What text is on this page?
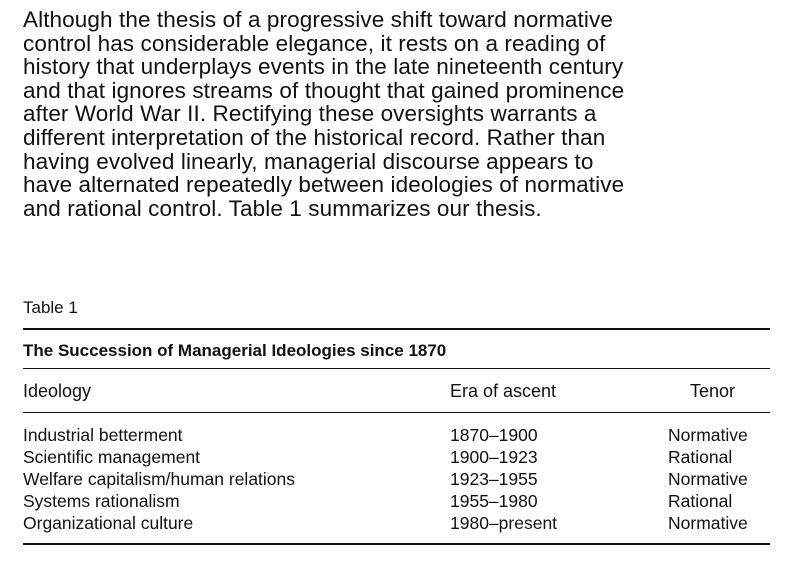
Although the thesis of a progressive shift toward normative
control has considerable elegance, it rests on a reading of
history that underplays events in the late nineteenth century
and that ignores streams of thought that gained prominence
after World War II. Rectifying these oversights warrants a
different interpretation of the historical record. Rather than
having evolved linearly, managerial discourse appears to
have alternated repeatedly between ideologies of normative
and rational control. Table 1 summarizes our thesis.
Table 1
The Succession of Managerial Ideologies since 1870
Ideology	Era of ascent	Tenor
Industrial betterment	1870–1900	Normative
Scientific management	1900–1923	Rational
Welfare capitalism/human relations	1923–1955	Normative
Systems rationalism	1955–1980	Rational
Organizational culture	1980–present	Normative
